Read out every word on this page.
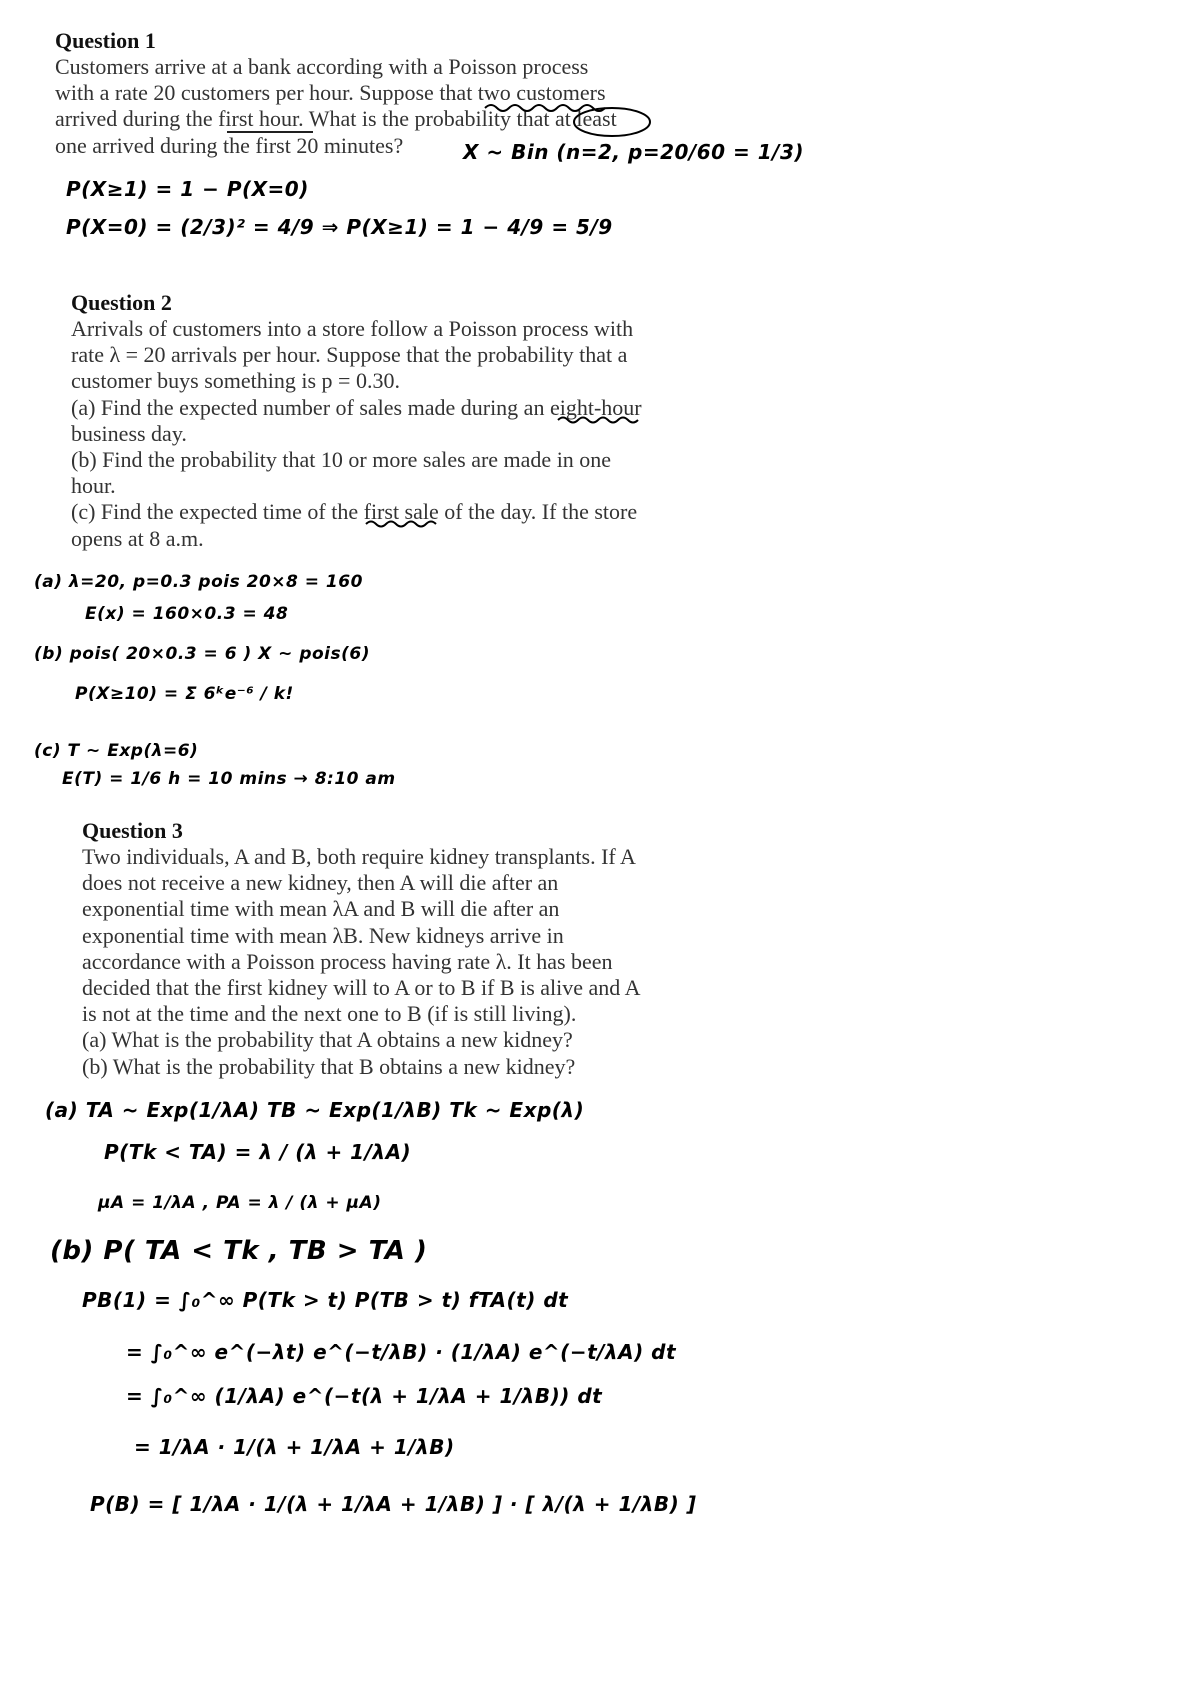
Question 1

Customers arrive at a bank according with a Poisson process

with a rate 20 customers per hour. Suppose that two customers

arrived during the first hour. What is the probability that at least

one arrived during the first 20 minutes?	X ~ Bin (n=2, p=20/60 = 1/3)
P(X≥1) = 1 − P(X=0)
P(X=0) = (2/3)² = 4/9 ⇒ P(X≥1) = 1 − 4/9 = 5/9

Question 2

Arrivals of customers into a store follow a Poisson process with

rate λ = 20 arrivals per hour. Suppose that the probability that a

customer buys something is p = 0.30.

(a) Find the expected number of sales made during an eight-hour

business day.

(b) Find the probability that 10 or more sales are made in one

hour.

(c) Find the expected time of the first sale of the day. If the store

opens at 8 a.m.

(a) λ=20, p=0.3 pois 20×8 = 160
E(x) = 160×0.3 = 48
(b) pois( 20×0.3 = 6 ) X ~ pois(6)
P(X≥10) = Σ 6ᵏe⁻⁶ / k!
(c) T ~ Exp(λ=6)
E(T) = 1/6 h = 10 mins → 8:10 am

Question 3

Two individuals, A and B, both require kidney transplants. If A

does not receive a new kidney, then A will die after an

exponential time with mean λA and B will die after an

exponential time with mean λB. New kidneys arrive in

accordance with a Poisson process having rate λ. It has been

decided that the first kidney will to A or to B if B is alive and A

is not at the time and the next one to B (if is still living).

(a) What is the probability that A obtains a new kidney?

(b) What is the probability that B obtains a new kidney?

(a) TA ~ Exp(1/λA) TB ~ Exp(1/λB) Tk ~ Exp(λ)
P(Tk < TA) = λ / (λ + 1/λA)
μA = 1/λA , PA = λ / (λ + μA)
(b) P( TA < Tk , TB > TA )
PB(1) = ∫₀^∞ P(Tk > t) P(TB > t) fTA(t) dt
= ∫₀^∞ e^(−λt) e^(−t/λB) · (1/λA) e^(−t/λA) dt
= ∫₀^∞ (1/λA) e^(−t(λ + 1/λA + 1/λB)) dt
= 1/λA · 1/(λ + 1/λA + 1/λB)
P(B) = [ 1/λA · 1/(λ + 1/λA + 1/λB) ] · [ λ/(λ + 1/λB) ]
